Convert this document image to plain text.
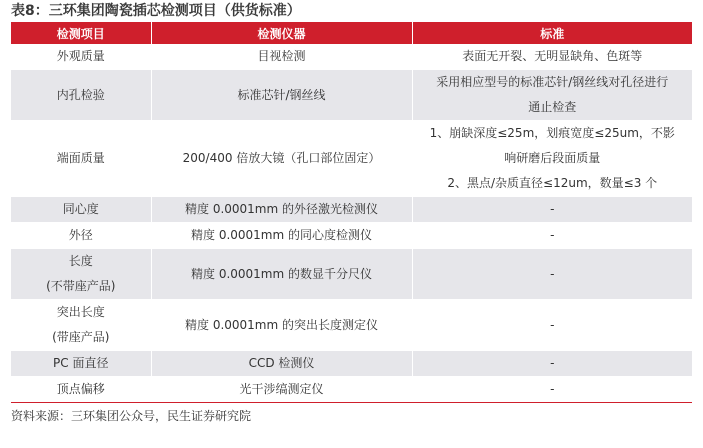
表8：三环集团陶瓷插芯检测项目（供货标准）
检测项目	检测仪器	标准

外观质量	目视检测	表面无开裂、无明显缺角、色斑等

内孔检验	标准芯针/钢丝线	采用相应型号的标准芯针/钢丝线对孔径进行
通止检查

端面质量	200/400 倍放大镜（孔口部位固定）	1、崩缺深度≤25m，划痕宽度≤25um，不影
响研磨后段面质量
2、黑点/杂质直径≤12um，数量≤3 个

同心度	精度 0.0001mm 的外径激光检测仪	-

外径	精度 0.0001mm 的同心度检测仪	-

长度
(不带座产品)	精度 0.0001mm 的数显千分尺仪	-

突出长度
(带座产品)	精度 0.0001mm 的突出长度测定仪	-

PC 面直径	CCD 检测仪	-

顶点偏移	光干涉缟测定仪	-
资料来源：三环集团公众号，民生证券研究院
